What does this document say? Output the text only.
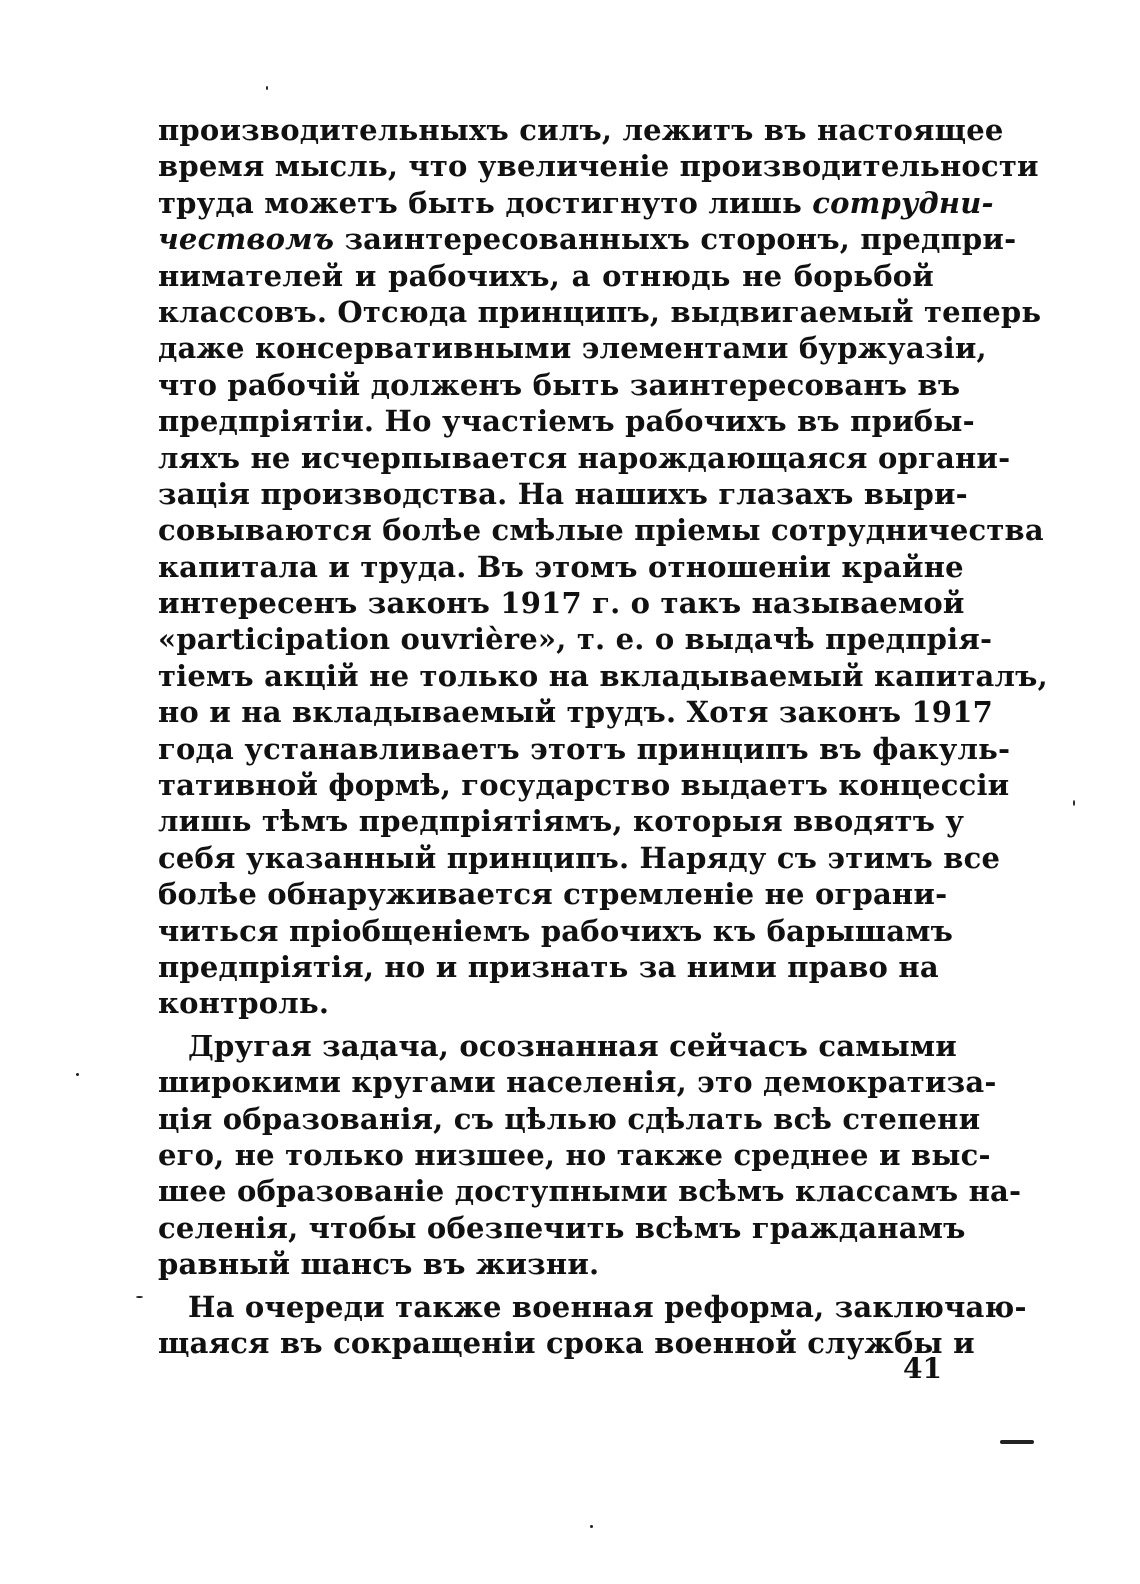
производительныхъ силъ, лежитъ въ настоящее
время мысль, что увеличеніе производительности
труда можетъ быть достигнуто лишь сотрудни-
чествомъ заинтересованныхъ сторонъ, предпри-
нимателей и рабочихъ, а отнюдь не борьбой
классовъ. Отсюда принципъ, выдвигаемый теперь
даже консервативными элементами буржуазіи,
что рабочій долженъ быть заинтересованъ въ
предпріятіи. Но участіемъ рабочихъ въ прибы-
ляхъ не исчерпывается нарождающаяся органи-
зація производства. На нашихъ глазахъ выри-
совываются болѣе смѣлые пріемы сотрудничества
капитала и труда. Въ этомъ отношеніи крайне
интересенъ законъ 1917 г. о такъ называемой
«participation ouvrière», т. е. о выдачѣ предпрія-
тіемъ акцій не только на вкладываемый капиталъ,
но и на вкладываемый трудъ. Хотя законъ 1917
года устанавливаетъ этотъ принципъ въ факуль-
тативной формѣ, государство выдаетъ концессіи
лишь тѣмъ предпріятіямъ, которыя вводятъ у
себя указанный принципъ. Наряду съ этимъ все
болѣе обнаруживается стремленіе не ограни-
читься пріобщеніемъ рабочихъ къ барышамъ
предпріятія, но и признать за ними право на
контроль.
Другая задача, осознанная сейчасъ самыми
широкими кругами населенія, это демократиза-
ція образованія, съ цѣлью сдѣлать всѣ степени
его, не только низшее, но также среднее и выс-
шее образованіе доступными всѣмъ классамъ на-
селенія, чтобы обезпечить всѣмъ гражданамъ
равный шансъ въ жизни.
На очереди также военная реформа, заключаю-
щаяся въ сокращеніи срока военной службы и
41
